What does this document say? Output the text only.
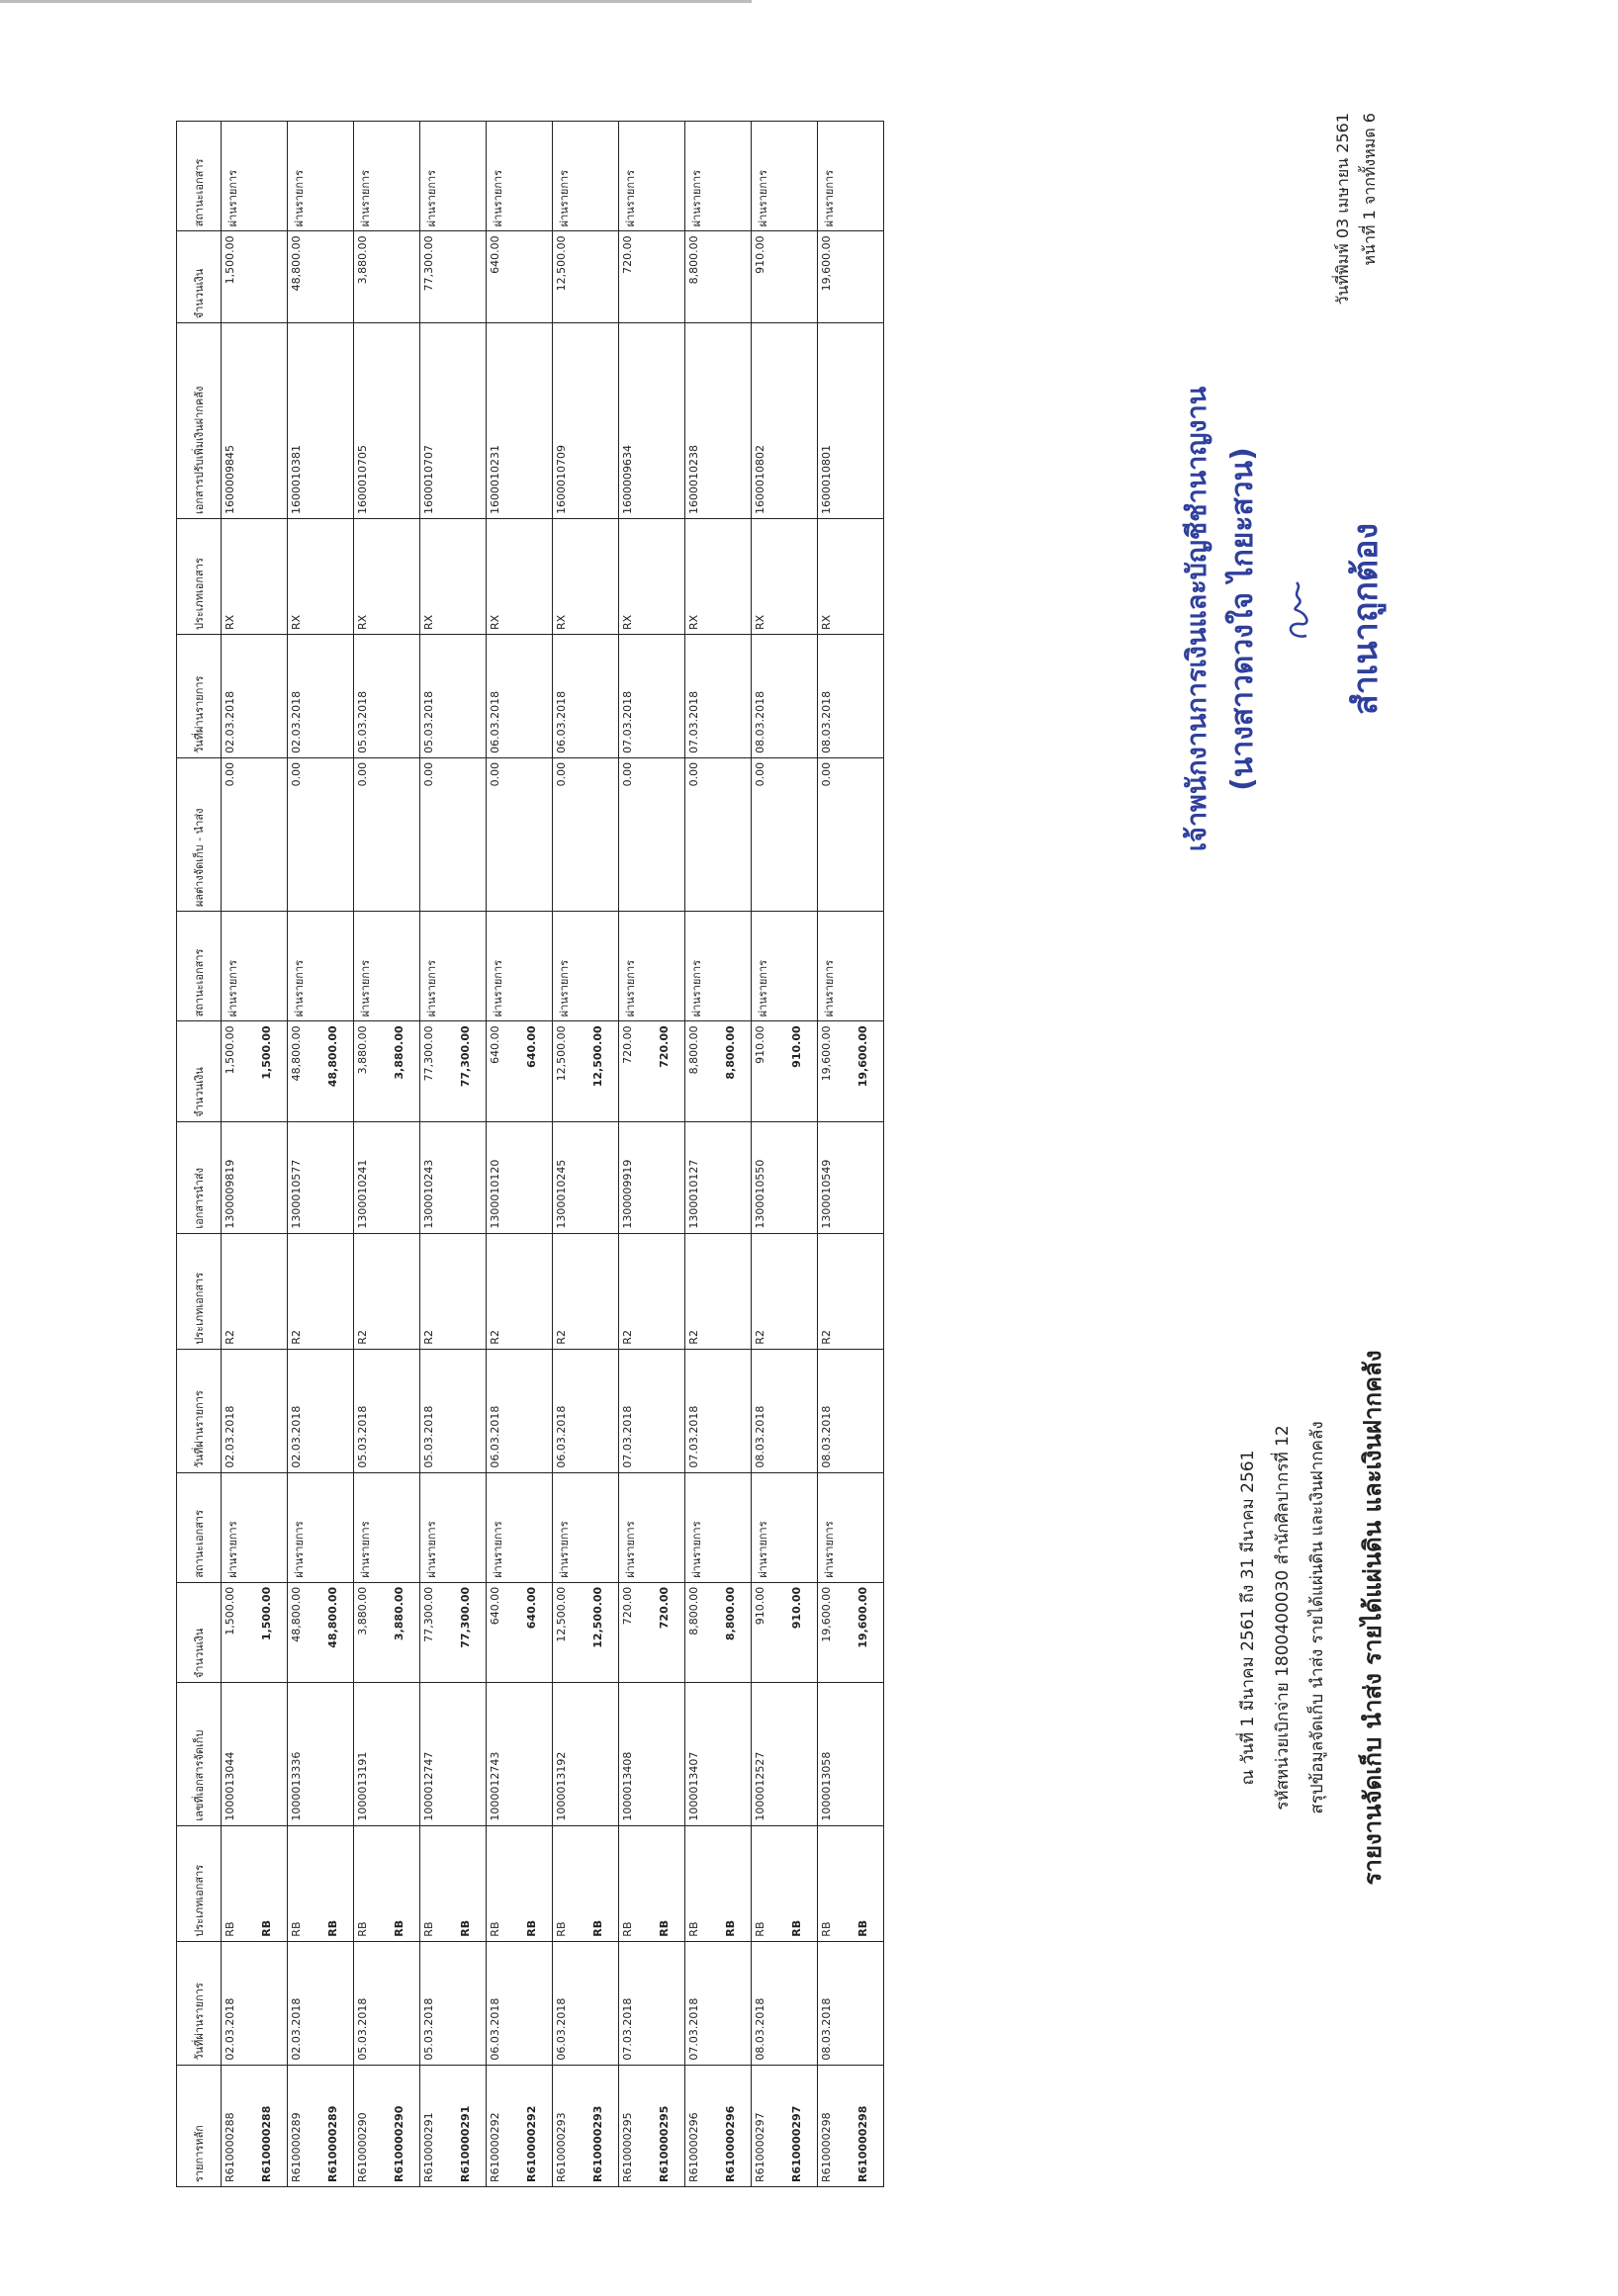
รายงานจัดเก็บ นำส่ง รายได้แผ่นดิน และเงินฝากคลัง
สรุปข้อมูลจัดเก็บ นำส่ง รายได้แผ่นดิน และเงินฝากคลัง
รหัสหน่วยเบิกจ่าย 1800400030 สำนักศิลปากรที่ 12
ณ วันที่ 1 มีนาคม 2561 ถึง 31 มีนาคม 2561
หน้าที่ 1 จากทั้งหมด 6
วันที่พิมพ์ 03 เมษายน 2561
สำเนาถูกต้อง
(นางสาวดวงใจ ไกยะสวน)
เจ้าพนักงานการเงินและบัญชีชำนาญงาน
รายการหลัก	วันที่ผ่านรายการ	ประเภทเอกสาร	เลขที่เอกสารจัดเก็บ	จำนวนเงิน	สถานะเอกสาร	วันที่ผ่านรายการ	ประเภทเอกสาร	เอกสารนำส่ง	จำนวนเงิน	สถานะเอกสาร	ผลต่างจัดเก็บ - นำส่ง	วันที่ผ่านรายการ	ประเภทเอกสาร	เอกสารปรับเพิ่มเงินฝากคลัง	จำนวนเงิน	สถานะเอกสาร
R610000288 R610000288	02.03.2018	RB RB	1000013044	1,500.00 1,500.00	ผ่านรายการ	02.03.2018	R2	1300009819	1,500.00 1,500.00	ผ่านรายการ	0.00	02.03.2018	RX	1600009845	1,500.00	ผ่านรายการ
R610000289 R610000289	02.03.2018	RB RB	1000013336	48,800.00 48,800.00	ผ่านรายการ	02.03.2018	R2	1300010577	48,800.00 48,800.00	ผ่านรายการ	0.00	02.03.2018	RX	1600010381	48,800.00	ผ่านรายการ
R610000290 R610000290	05.03.2018	RB RB	1000013191	3,880.00 3,880.00	ผ่านรายการ	05.03.2018	R2	1300010241	3,880.00 3,880.00	ผ่านรายการ	0.00	05.03.2018	RX	1600010705	3,880.00	ผ่านรายการ
R610000291 R610000291	05.03.2018	RB RB	1000012747	77,300.00 77,300.00	ผ่านรายการ	05.03.2018	R2	1300010243	77,300.00 77,300.00	ผ่านรายการ	0.00	05.03.2018	RX	1600010707	77,300.00	ผ่านรายการ
R610000292 R610000292	06.03.2018	RB RB	1000012743	640.00 640.00	ผ่านรายการ	06.03.2018	R2	1300010120	640.00 640.00	ผ่านรายการ	0.00	06.03.2018	RX	1600010231	640.00	ผ่านรายการ
R610000293 R610000293	06.03.2018	RB RB	1000013192	12,500.00 12,500.00	ผ่านรายการ	06.03.2018	R2	1300010245	12,500.00 12,500.00	ผ่านรายการ	0.00	06.03.2018	RX	1600010709	12,500.00	ผ่านรายการ
R610000295 R610000295	07.03.2018	RB RB	1000013408	720.00 720.00	ผ่านรายการ	07.03.2018	R2	1300009919	720.00 720.00	ผ่านรายการ	0.00	07.03.2018	RX	1600009634	720.00	ผ่านรายการ
R610000296 R610000296	07.03.2018	RB RB	1000013407	8,800.00 8,800.00	ผ่านรายการ	07.03.2018	R2	1300010127	8,800.00 8,800.00	ผ่านรายการ	0.00	07.03.2018	RX	1600010238	8,800.00	ผ่านรายการ
R610000297 R610000297	08.03.2018	RB RB	1000012527	910.00 910.00	ผ่านรายการ	08.03.2018	R2	1300010550	910.00 910.00	ผ่านรายการ	0.00	08.03.2018	RX	1600010802	910.00	ผ่านรายการ
R610000298 R610000298	08.03.2018	RB RB	1000013058	19,600.00 19,600.00	ผ่านรายการ	08.03.2018	R2	1300010549	19,600.00 19,600.00	ผ่านรายการ	0.00	08.03.2018	RX	1600010801	19,600.00	ผ่านรายการ
